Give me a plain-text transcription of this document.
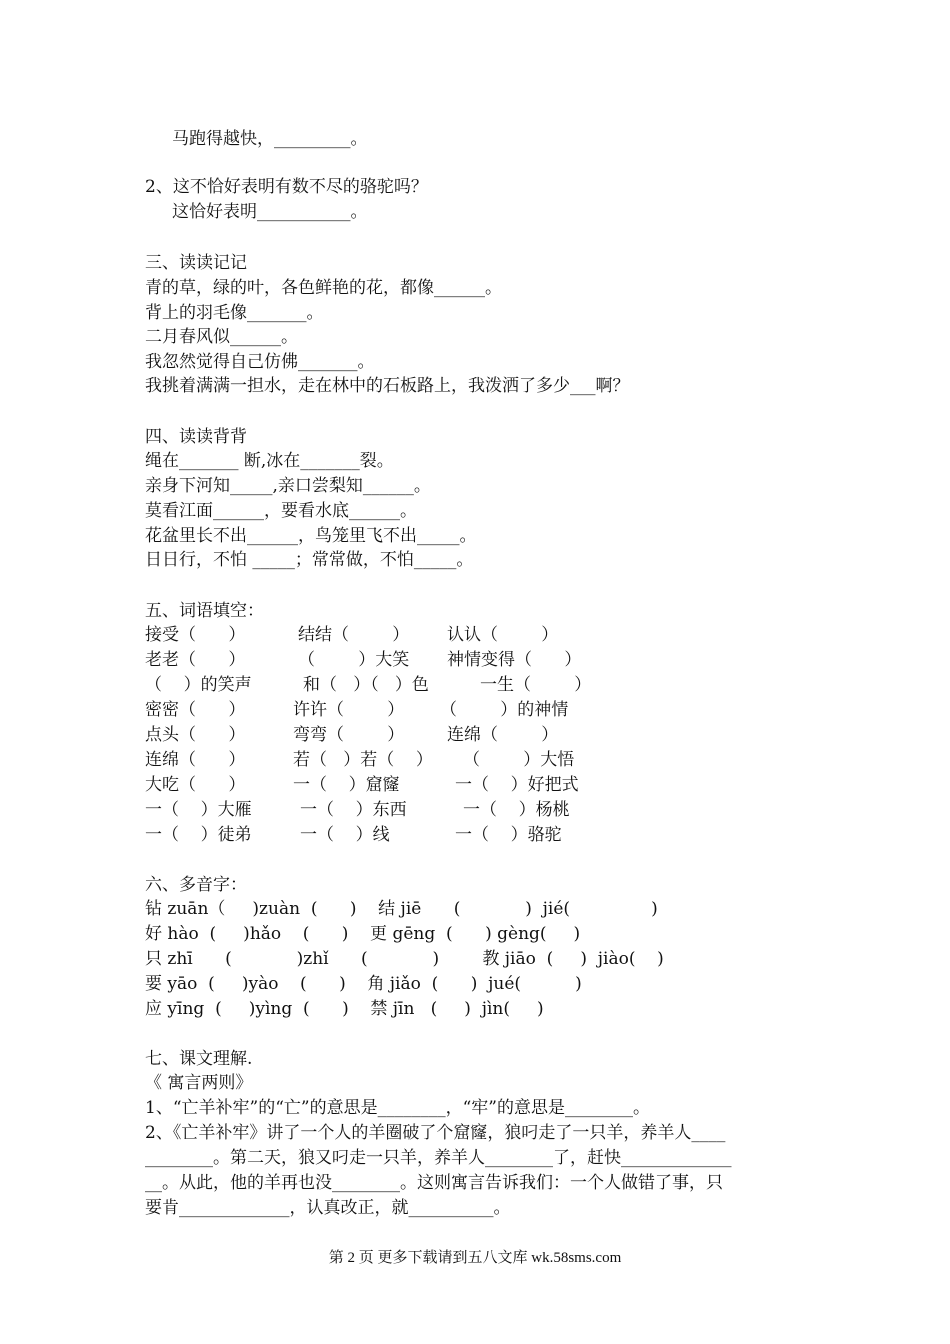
马跑得越快，_________。
2、这不恰好表明有数不尽的骆驼吗？
这恰好表明___________。
三、读读记记
青的草，绿的叶，各色鲜艳的花，都像______。
背上的羽毛像_______。
二月春风似______。
我忽然觉得自己仿佛_______。
我挑着满满一担水，走在林中的石板路上，我泼洒了多少___啊？
四、读读背背
绳在_______ 断,冰在_______裂。
亲身下河知_____,亲口尝梨知______。
莫看江面______，要看水底______。
花盆里长不出______，鸟笼里飞不出_____。
日日行，不怕 _____；常常做，不怕_____。
五、词语填空：
接受（      ）	结结（        ） 认认（        ）
老老（      ）	（        ）大笑 神情变得（      ）
（    ）的笑声	和（   ）（   ）色	一生（        ）
密密（      ）	许许（        ） （        ）的神情
点头（      ）	弯弯（        ）	连绵（        ）
连绵（      ）	若（   ）若（    ） （        ）大悟
大吃（      ）	一（    ）窟窿	一（    ）好把式
一（    ）大雁	一（    ）东西	一（    ）杨桃
一（    ）徒弟	一（    ）线	一（    ）骆驼
六、多音字：
钻 zuān（     )zuàn  (      )    结 jiē      (            )  jié(               )
好 hào  (     )hǎo    (      )    更 gēng  (      ) gèng(     )
只 zhī      (            )zhǐ      (            )        教 jiāo  (     )  jiào(    )
要 yāo  (     )yào    (      )    角 jiǎo  (      )  jué(          )
应 yīng  (     )yìng  (      )    禁 jīn   (     )  jìn(     )
七、课文理解.
《 寓言两则》
1、“亡羊补牢”的“亡”的意思是________，“牢”的意思是________。
2、《亡羊补牢》讲了一个人的羊圈破了个窟窿，狼叼走了一只羊，养羊人____
________。第二天，狼又叼走一只羊，养羊人________了，赶快_____________
__。从此，他的羊再也没________。这则寓言告诉我们：一个人做错了事，只
要肯_____________，认真改正，就__________。
第 2 页 更多下载请到五八文库 wk.58sms.com
